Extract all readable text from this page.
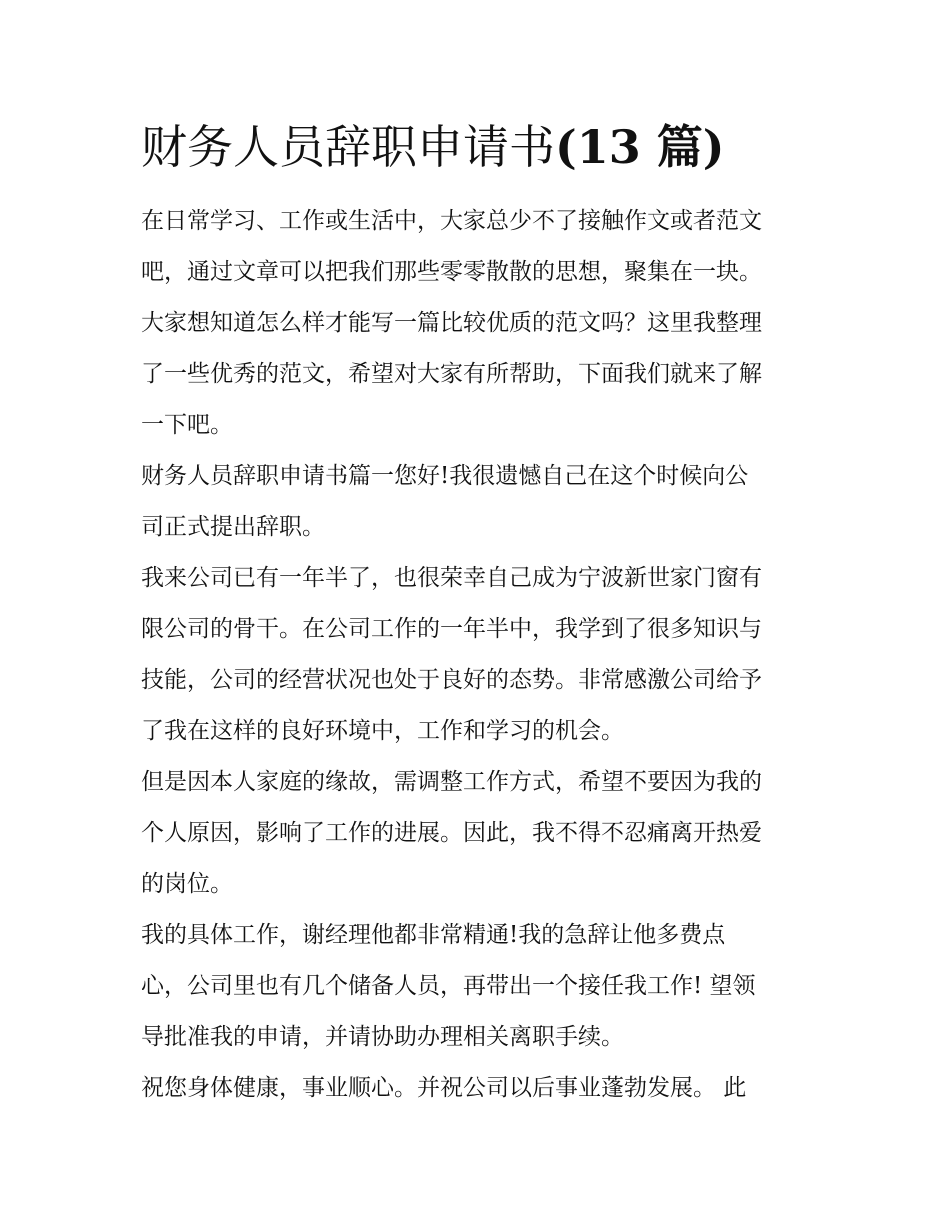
财务人员辞职申请书(13 篇)

在日常学习、工作或生活中，大家总少不了接触作文或者范文
吧，通过文章可以把我们那些零零散散的思想，聚集在一块。
大家想知道怎么样才能写一篇比较优质的范文吗？这里我整理
了一些优秀的范文，希望对大家有所帮助，下面我们就来了解
一下吧。

财务人员辞职申请书篇一您好!我很遗憾自己在这个时候向公
司正式提出辞职。

我来公司已有一年半了，也很荣幸自己成为宁波新世家门窗有
限公司的骨干。在公司工作的一年半中，我学到了很多知识与
技能，公司的经营状况也处于良好的态势。非常感激公司给予
了我在这样的良好环境中，工作和学习的机会。

但是因本人家庭的缘故，需调整工作方式，希望不要因为我的
个人原因，影响了工作的进展。因此，我不得不忍痛离开热爱
的岗位。

我的具体工作，谢经理他都非常精通!我的急辞让他多费点
心，公司里也有几个储备人员，再带出一个接任我工作! 望领
导批准我的申请，并请协助办理相关离职手续。

祝您身体健康，事业顺心。并祝公司以后事业蓬勃发展。 此
